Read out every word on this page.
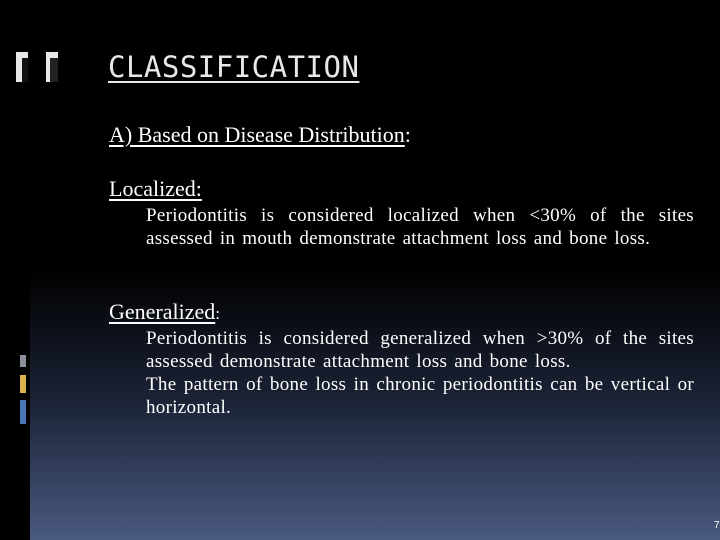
CLASSIFICATION
A) Based on Disease Distribution:
Localized:

Periodontitis is considered localized when <30% of the sites assessed in mouth demonstrate attachment loss and bone loss.

Generalized:

Periodontitis is considered generalized when >30% of the sites assessed demonstrate attachment loss and bone loss.

The pattern of bone loss in chronic periodontitis can be vertical or horizontal.

7
